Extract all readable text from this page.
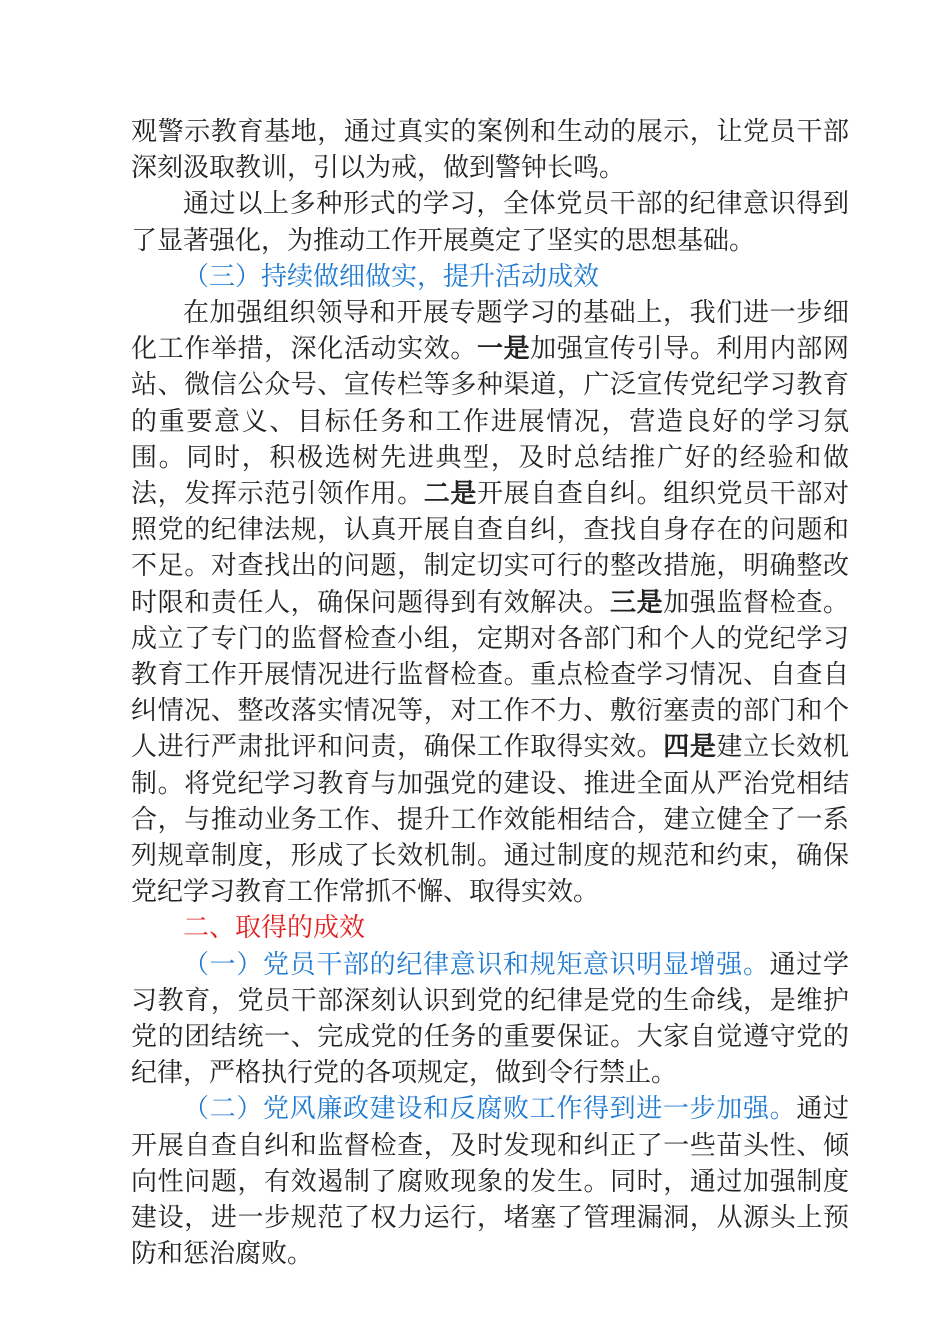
观警示教育基地，通过真实的案例和生动的展示，让党员干部深刻汲取教训，引以为戒，做到警钟长鸣。

通过以上多种形式的学习，全体党员干部的纪律意识得到了显著强化，为推动工作开展奠定了坚实的思想基础。

（三）持续做细做实，提升活动成效

在加强组织领导和开展专题学习的基础上，我们进一步细化工作举措，深化活动实效。一是加强宣传引导。利用内部网站、微信公众号、宣传栏等多种渠道，广泛宣传党纪学习教育的重要意义、目标任务和工作进展情况，营造良好的学习氛围。同时，积极选树先进典型，及时总结推广好的经验和做法，发挥示范引领作用。二是开展自查自纠。组织党员干部对照党的纪律法规，认真开展自查自纠，查找自身存在的问题和不足。对查找出的问题，制定切实可行的整改措施，明确整改时限和责任人，确保问题得到有效解决。三是加强监督检查。成立了专门的监督检查小组，定期对各部门和个人的党纪学习教育工作开展情况进行监督检查。重点检查学习情况、自查自纠情况、整改落实情况等，对工作不力、敷衍塞责的部门和个人进行严肃批评和问责，确保工作取得实效。四是建立长效机制。将党纪学习教育与加强党的建设、推进全面从严治党相结合，与推动业务工作、提升工作效能相结合，建立健全了一系列规章制度，形成了长效机制。通过制度的规范和约束，确保党纪学习教育工作常抓不懈、取得实效。

二、取得的成效

（一）党员干部的纪律意识和规矩意识明显增强。通过学习教育，党员干部深刻认识到党的纪律是党的生命线，是维护党的团结统一、完成党的任务的重要保证。大家自觉遵守党的纪律，严格执行党的各项规定，做到令行禁止。

（二）党风廉政建设和反腐败工作得到进一步加强。通过开展自查自纠和监督检查，及时发现和纠正了一些苗头性、倾向性问题，有效遏制了腐败现象的发生。同时，通过加强制度建设，进一步规范了权力运行，堵塞了管理漏洞，从源头上预防和惩治腐败。
